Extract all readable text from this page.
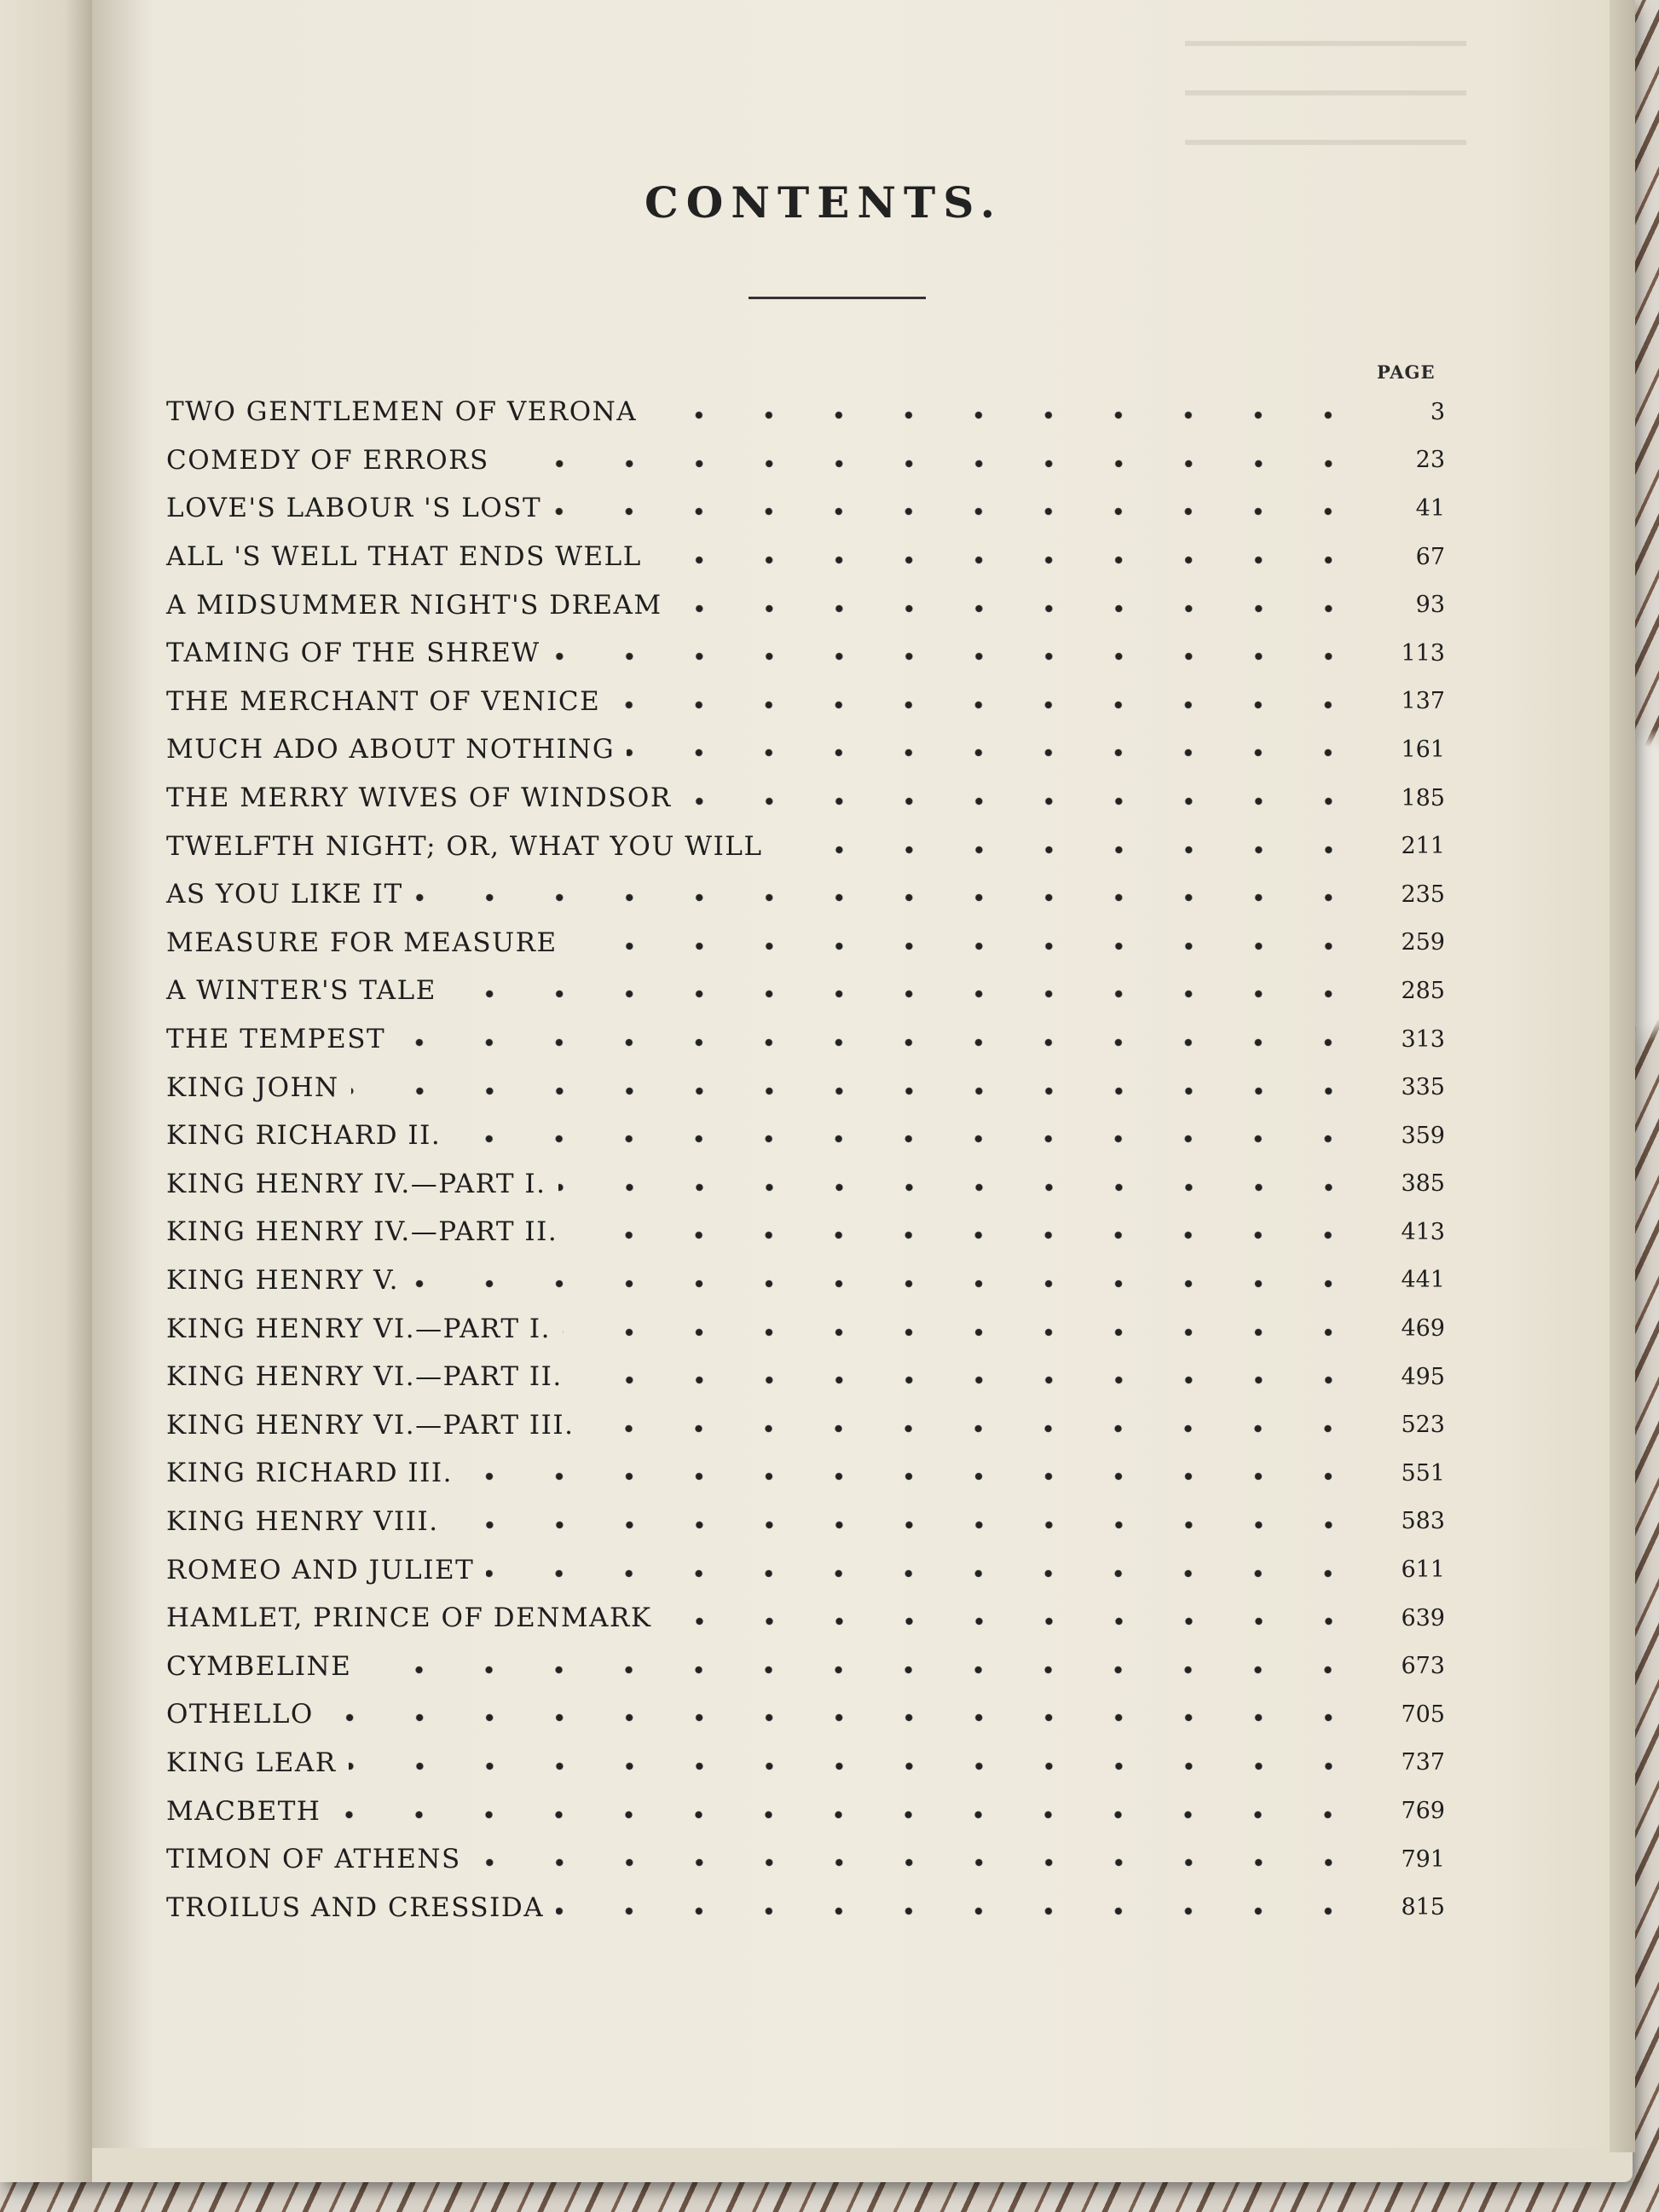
CONTENTS.
PAGE
TWO GENTLEMEN OF VERONA	3
COMEDY OF ERRORS	23
LOVE'S LABOUR 'S LOST	41
ALL 'S WELL THAT ENDS WELL	67
A MIDSUMMER NIGHT'S DREAM	93
TAMING OF THE SHREW	113
THE MERCHANT OF VENICE	137
MUCH ADO ABOUT NOTHING	161
THE MERRY WIVES OF WINDSOR	185
TWELFTH NIGHT; OR, WHAT YOU WILL	211
AS YOU LIKE IT	235
MEASURE FOR MEASURE	259
A WINTER'S TALE	285
THE TEMPEST	313
KING JOHN	335
KING RICHARD II.	359
KING HENRY IV.—PART I.	385
KING HENRY IV.—PART II.	413
KING HENRY V.	441
KING HENRY VI.—PART I.	469
KING HENRY VI.—PART II.	495
KING HENRY VI.—PART III.	523
KING RICHARD III.	551
KING HENRY VIII.	583
ROMEO AND JULIET	611
HAMLET, PRINCE OF DENMARK	639
CYMBELINE	673
OTHELLO	705
KING LEAR	737
MACBETH	769
TIMON OF ATHENS	791
TROILUS AND CRESSIDA	815
